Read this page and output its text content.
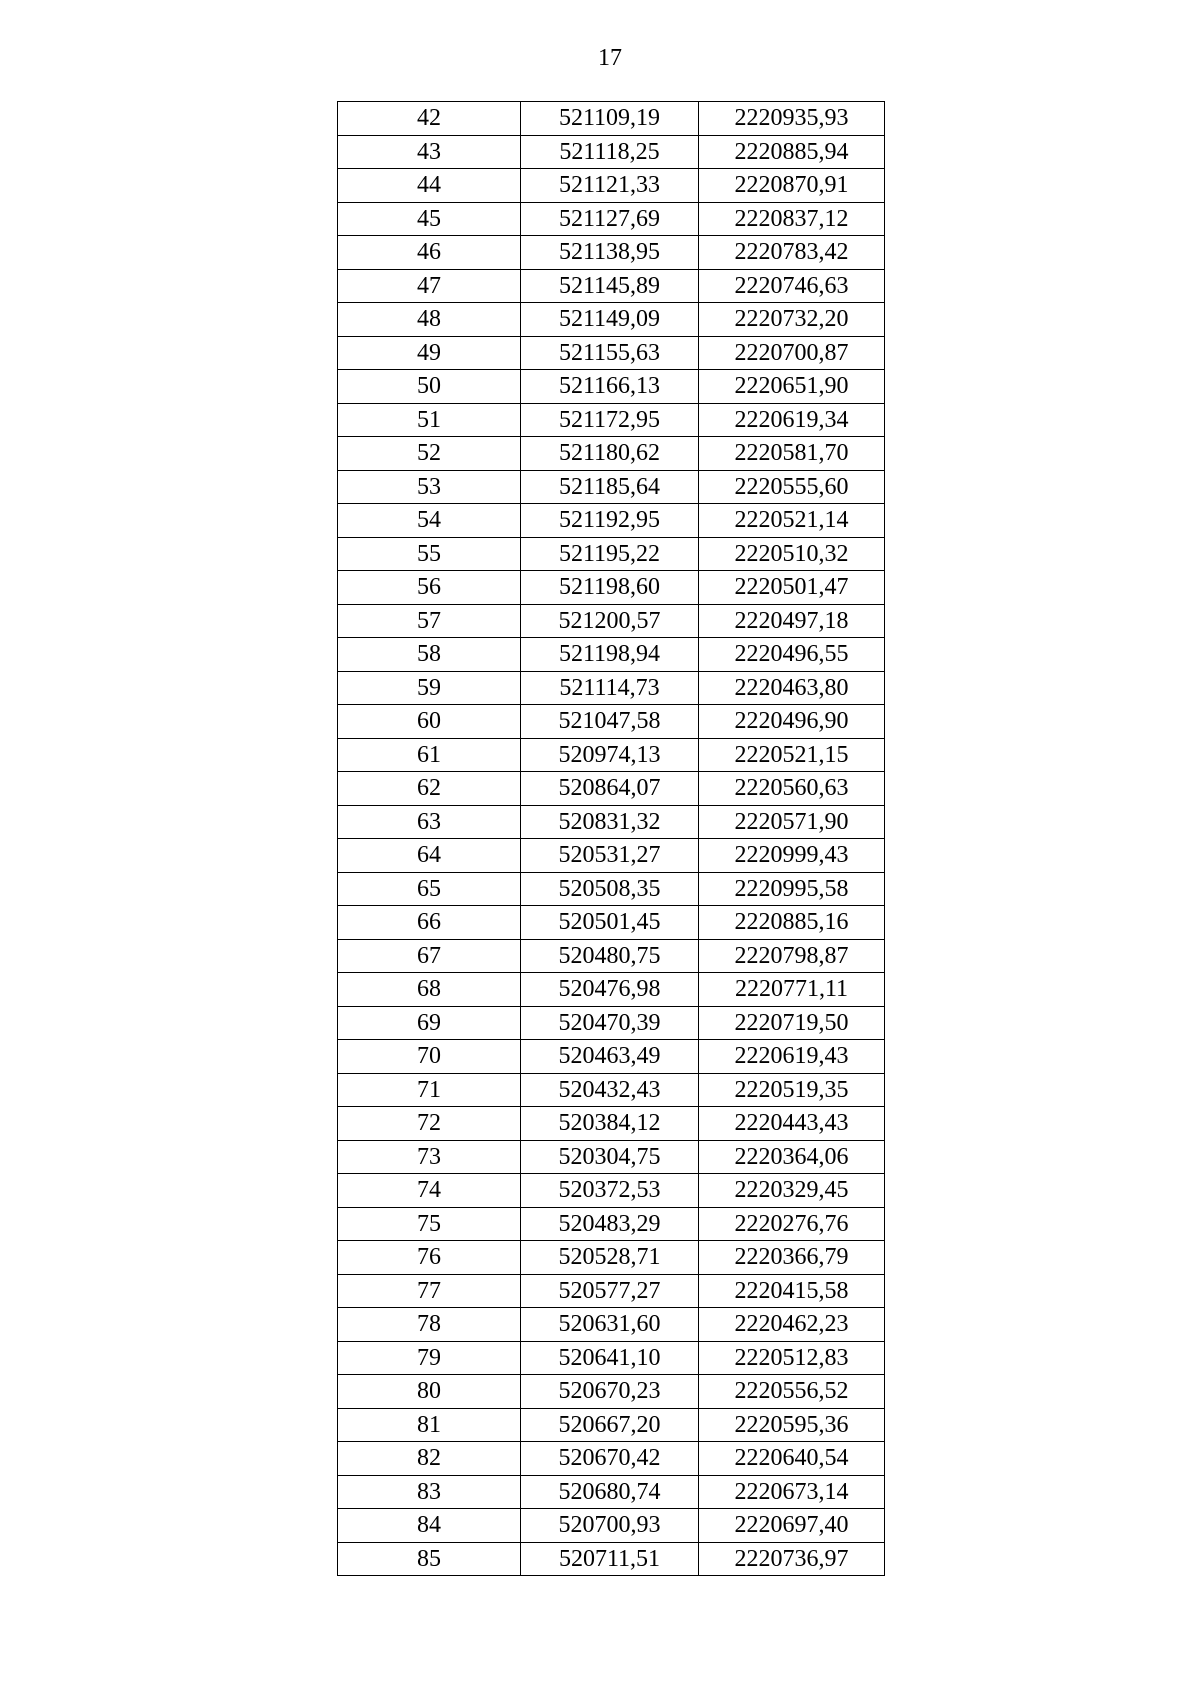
17
42	521109,19	2220935,93
43	521118,25	2220885,94
44	521121,33	2220870,91
45	521127,69	2220837,12
46	521138,95	2220783,42
47	521145,89	2220746,63
48	521149,09	2220732,20
49	521155,63	2220700,87
50	521166,13	2220651,90
51	521172,95	2220619,34
52	521180,62	2220581,70
53	521185,64	2220555,60
54	521192,95	2220521,14
55	521195,22	2220510,32
56	521198,60	2220501,47
57	521200,57	2220497,18
58	521198,94	2220496,55
59	521114,73	2220463,80
60	521047,58	2220496,90
61	520974,13	2220521,15
62	520864,07	2220560,63
63	520831,32	2220571,90
64	520531,27	2220999,43
65	520508,35	2220995,58
66	520501,45	2220885,16
67	520480,75	2220798,87
68	520476,98	2220771,11
69	520470,39	2220719,50
70	520463,49	2220619,43
71	520432,43	2220519,35
72	520384,12	2220443,43
73	520304,75	2220364,06
74	520372,53	2220329,45
75	520483,29	2220276,76
76	520528,71	2220366,79
77	520577,27	2220415,58
78	520631,60	2220462,23
79	520641,10	2220512,83
80	520670,23	2220556,52
81	520667,20	2220595,36
82	520670,42	2220640,54
83	520680,74	2220673,14
84	520700,93	2220697,40
85	520711,51	2220736,97
